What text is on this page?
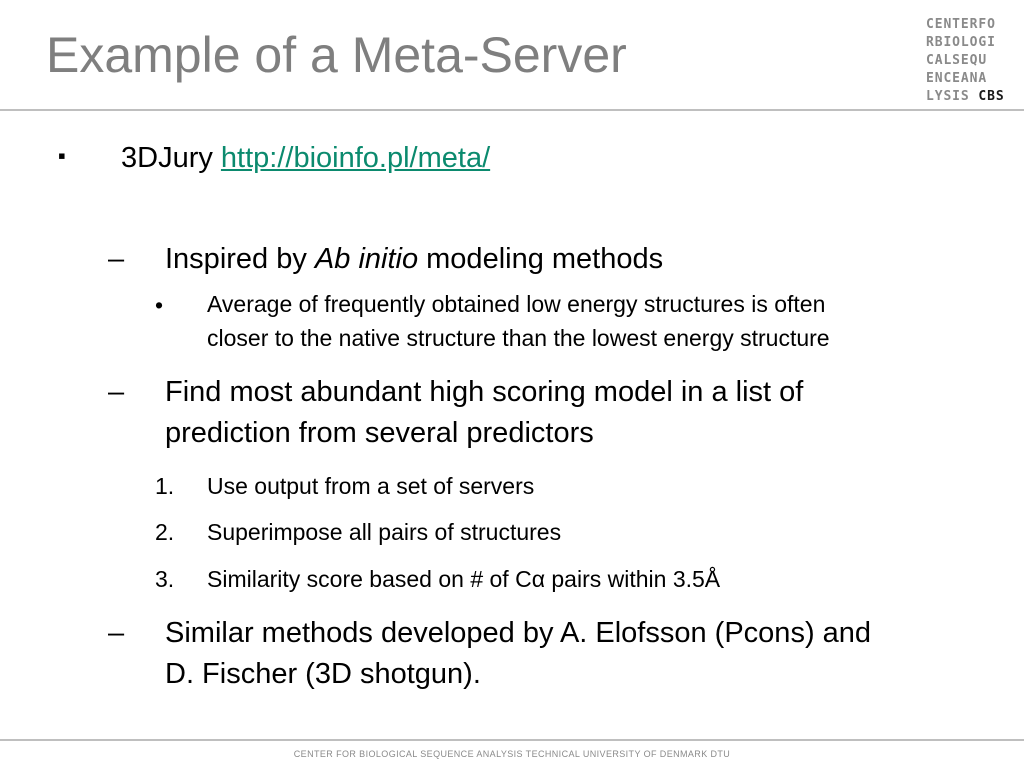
Example of a Meta-Server
CENTERFO
RBIOLOGI
CALSEQU
ENCEANA
LYSIS CBS
▪ 3DJury http://bioinfo.pl/meta/
– Inspired by Ab initio modeling methods
• Average of frequently obtained low energy structures is often
closer to the native structure than the lowest energy structure
– Find most abundant high scoring model in a list of
prediction from several predictors
1. Use output from a set of servers
2. Superimpose all pairs of structures
3. Similarity score based on # of Cα pairs within 3.5Å
– Similar methods developed by A. Elofsson (Pcons) and
D. Fischer (3D shotgun).
CENTER FOR BIOLOGICAL SEQUENCE ANALYSIS TECHNICAL UNIVERSITY OF DENMARK DTU
